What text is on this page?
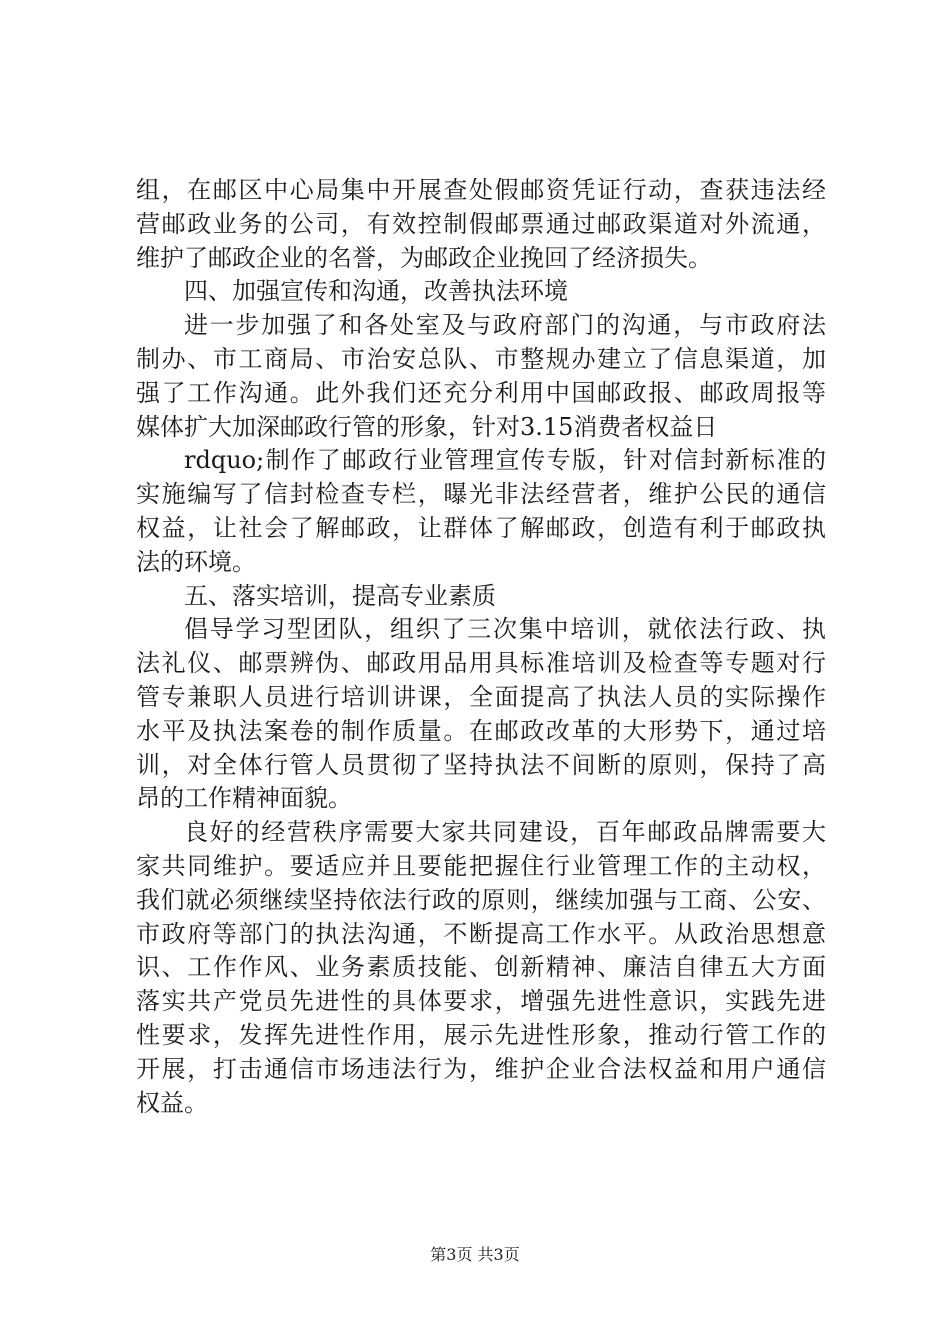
组，在邮区中心局集中开展查处假邮资凭证行动，查获违法经
营邮政业务的公司，有效控制假邮票通过邮政渠道对外流通，
维护了邮政企业的名誉，为邮政企业挽回了经济损失。
四、加强宣传和沟通，改善执法环境
进一步加强了和各处室及与政府部门的沟通，与市政府法
制办、市工商局、市治安总队、市整规办建立了信息渠道，加
强了工作沟通。此外我们还充分利用中国邮政报、邮政周报等
媒体扩大加深邮政行管的形象，针对3.15消费者权益日
rdquo;制作了邮政行业管理宣传专版，针对信封新标准的
实施编写了信封检查专栏，曝光非法经营者，维护公民的通信
权益，让社会了解邮政，让群体了解邮政，创造有利于邮政执
法的环境。
五、落实培训，提高专业素质
倡导学习型团队，组织了三次集中培训，就依法行政、执
法礼仪、邮票辨伪、邮政用品用具标准培训及检查等专题对行
管专兼职人员进行培训讲课，全面提高了执法人员的实际操作
水平及执法案卷的制作质量。在邮政改革的大形势下，通过培
训，对全体行管人员贯彻了坚持执法不间断的原则，保持了高
昂的工作精神面貌。
良好的经营秩序需要大家共同建设，百年邮政品牌需要大
家共同维护。要适应并且要能把握住行业管理工作的主动权，
我们就必须继续坚持依法行政的原则，继续加强与工商、公安、
市政府等部门的执法沟通，不断提高工作水平。从政治思想意
识、工作作风、业务素质技能、创新精神、廉洁自律五大方面
落实共产党员先进性的具体要求，增强先进性意识，实践先进
性要求，发挥先进性作用，展示先进性形象，推动行管工作的
开展，打击通信市场违法行为，维护企业合法权益和用户通信
权益。
第3页 共3页
